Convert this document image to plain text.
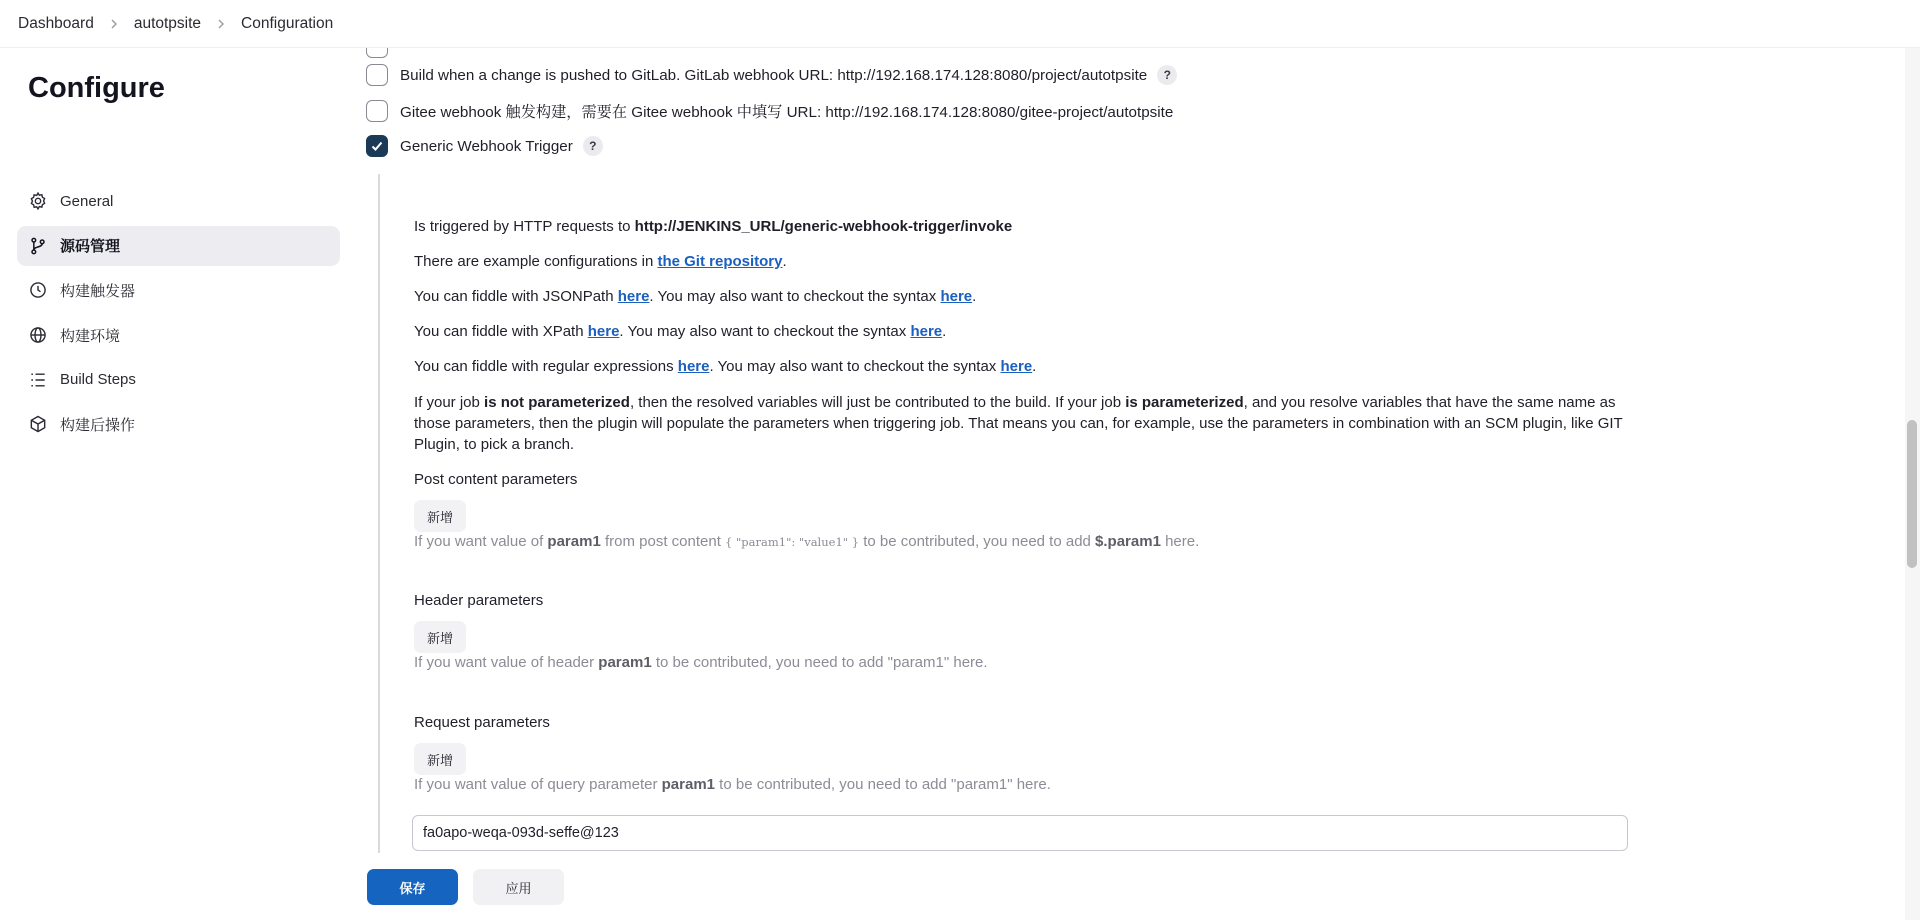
Dashboard	autotpsite	Configuration
Configure
General
源码管理
构建触发器
构建环境
Build Steps
构建后操作
Build when a change is pushed to GitLab. GitLab webhook URL: http://192.168.174.128:8080/project/autotpsite	?
Gitee webhook 触发构建，需要在 Gitee webhook 中填写 URL: http://192.168.174.128:8080/gitee-project/autotpsite
Generic Webhook Trigger	?
Is triggered by HTTP requests to http://JENKINS_URL/generic-webhook-trigger/invoke
There are example configurations in the Git repository.
You can fiddle with JSONPath here. You may also want to checkout the syntax here.
You can fiddle with XPath here. You may also want to checkout the syntax here.
You can fiddle with regular expressions here. You may also want to checkout the syntax here.
If your job is not parameterized, then the resolved variables will just be contributed to the build. If your job is parameterized, and you resolve variables that have the same name as those parameters, then the plugin will populate the parameters when triggering job. That means you can, for example, use the parameters in combination with an SCM plugin, like GIT Plugin, to pick a branch.
Post content parameters
新增
If you want value of param1 from post content { "param1": "value1" } to be contributed, you need to add $.param1 here.
Header parameters
新增
If you want value of header param1 to be contributed, you need to add "param1" here.
Request parameters
新增
If you want value of query parameter param1 to be contributed, you need to add "param1" here.
fa0apo-weqa-093d-seffe@123
保存	应用
